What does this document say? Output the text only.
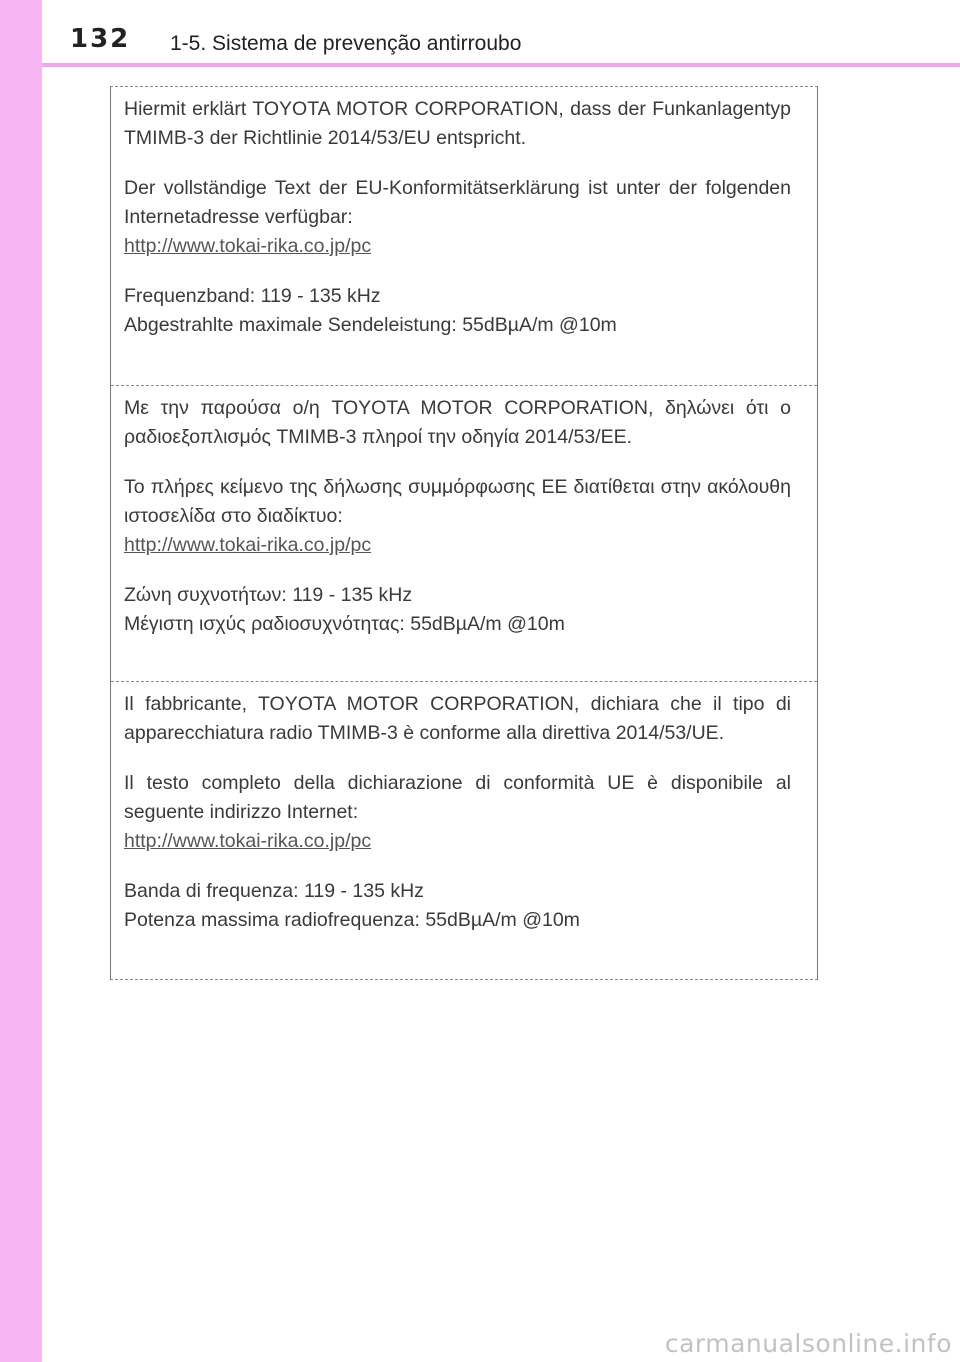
132 1-5. Sistema de prevenção antirroubo

Hiermit erklärt TOYOTA MOTOR CORPORATION, dass der Funkanlagentyp TMIMB-3 der Richtlinie 2014/53/EU entspricht.

Der vollständige Text der EU-Konformitätserklärung ist unter der folgenden Internetadresse verfügbar:

http://www.tokai-rika.co.jp/pc

Frequenzband: 119 - 135 kHz

Abgestrahlte maximale Sendeleistung: 55dBµA/m @10m

Με την παρούσα ο/η TOYOTA MOTOR CORPORATION, δηλώνει ότι ο ραδιοεξοπλισμός TMIMB-3 πληροί την οδηγία 2014/53/ΕΕ.

Το πλήρες κείμενο της δήλωσης συμμόρφωσης ΕΕ διατίθεται στην ακόλουθη ιστοσελίδα στο διαδίκτυο:

http://www.tokai-rika.co.jp/pc

Ζώνη συχνοτήτων: 119 - 135 kHz

Μέγιστη ισχύς ραδιοσυχνότητας: 55dBµA/m @10m

Il fabbricante, TOYOTA MOTOR CORPORATION, dichiara che il tipo di apparecchiatura radio TMIMB-3 è conforme alla direttiva 2014/53/UE.

Il testo completo della dichiarazione di conformità UE è disponibile al seguente indirizzo Internet:

http://www.tokai-rika.co.jp/pc

Banda di frequenza: 119 - 135 kHz

Potenza massima radiofrequenza: 55dBµA/m @10m

carmanualsonline.info
